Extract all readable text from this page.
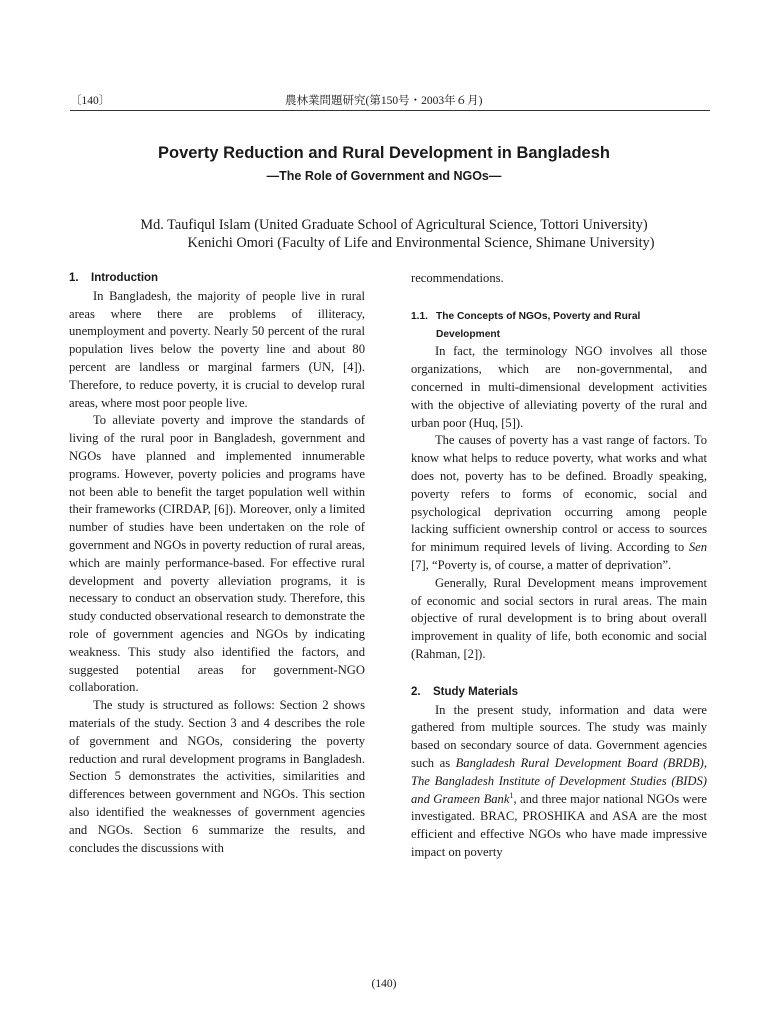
〔140〕	農林業問題研究(第150号・2003年６月)
Poverty Reduction and Rural Development in Bangladesh
―The Role of Government and NGOs―
Md. Taufiqul Islam (United Graduate School of Agricultural Science, Tottori University)
Kenichi Omori (Faculty of Life and Environmental Science, Shimane University)
1. Introduction

In Bangladesh, the majority of people live in rural areas where there are problems of illiteracy, unemployment and poverty. Nearly 50 percent of the rural population lives below the poverty line and about 80 percent are landless or marginal farmers (UN, [4]). Therefore, to reduce poverty, it is crucial to develop rural areas, where most poor people live.

To alleviate poverty and improve the standards of living of the rural poor in Bangladesh, government and NGOs have planned and implemented innumerable programs. However, poverty policies and programs have not been able to benefit the target population well within their frameworks (CIRDAP, [6]). Moreover, only a limited number of studies have been undertaken on the role of government and NGOs in poverty reduction of rural areas, which are mainly performance-based. For effective rural development and poverty alleviation programs, it is necessary to conduct an observation study. Therefore, this study conducted observational research to demonstrate the role of government agencies and NGOs by indicating weakness. This study also identified the factors, and suggested potential areas for government-NGO collaboration.

The study is structured as follows: Section 2 shows materials of the study. Section 3 and 4 describes the role of government and NGOs, considering the poverty reduction and rural development programs in Bangladesh. Section 5 demonstrates the activities, similarities and differences between government and NGOs. This section also identified the weaknesses of government agencies and NGOs. Section 6 summarize the results, and concludes the discussions with

recommendations.

1.1. The Concepts of NGOs, Poverty and Rural Development

In fact, the terminology NGO involves all those organizations, which are non-governmental, and concerned in multi-dimensional development activities with the objective of alleviating poverty of the rural and urban poor (Huq, [5]).

The causes of poverty has a vast range of factors. To know what helps to reduce poverty, what works and what does not, poverty has to be defined. Broadly speaking, poverty refers to forms of economic, social and psychological deprivation occurring among people lacking sufficient ownership control or access to sources for minimum required levels of living. According to Sen [7], “Poverty is, of course, a matter of deprivation”.

Generally, Rural Development means improvement of economic and social sectors in rural areas. The main objective of rural development is to bring about overall improvement in quality of life, both economic and social (Rahman, [2]).

2. Study Materials

In the present study, information and data were gathered from multiple sources. The study was mainly based on secondary source of data. Government agencies such as Bangladesh Rural Development Board (BRDB), The Bangladesh Institute of Development Studies (BIDS) and Grameen Bank$^1$, and three major national NGOs were investigated. BRAC, PROSHIKA and ASA are the most efficient and effective NGOs who have made impressive impact on poverty

(140)
